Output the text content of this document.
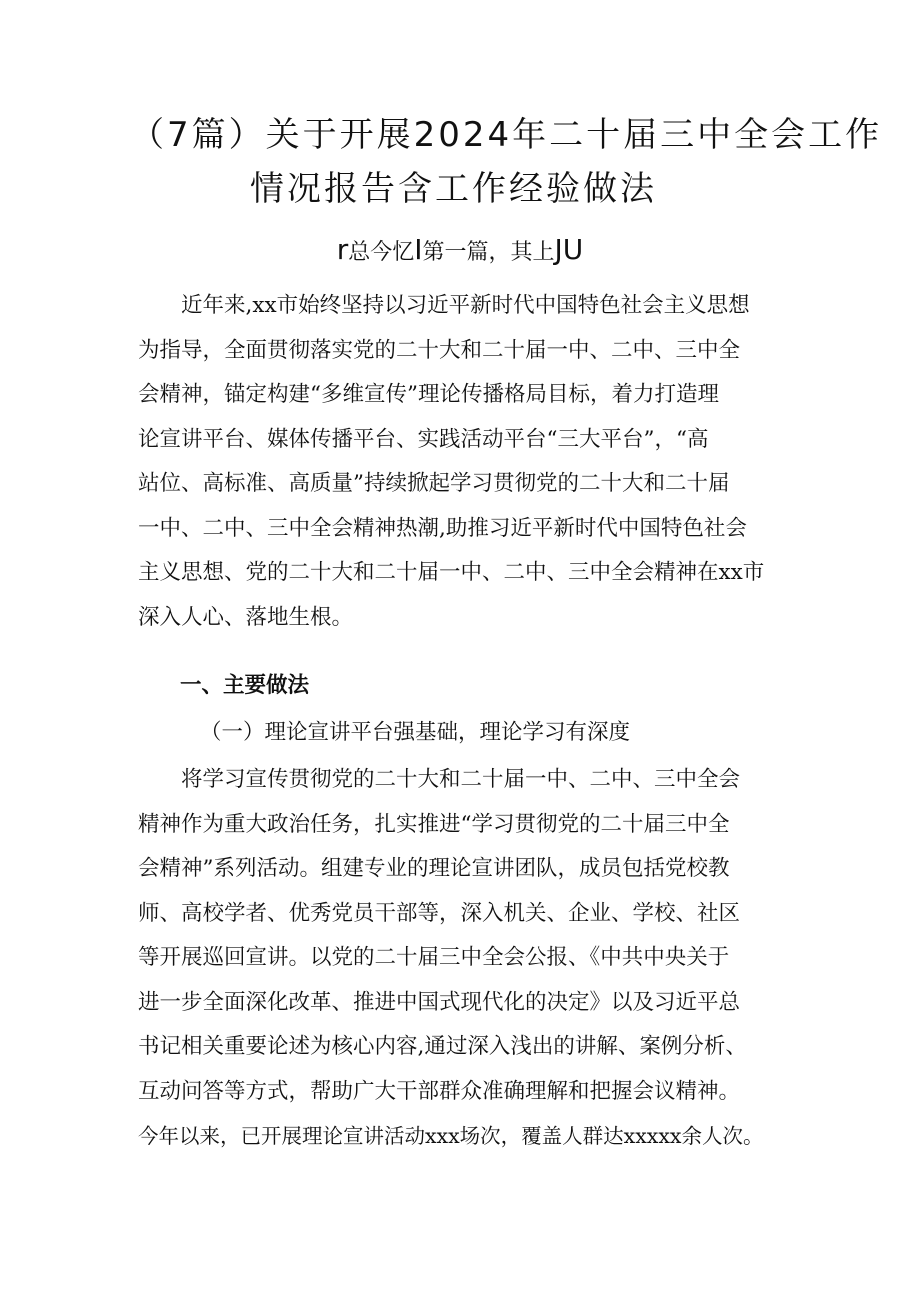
（7篇）关于开展2024年二十届三中全会工作
情况报告含工作经验做法
r总今忆I第一篇，其上JU
近年来,xx市始终坚持以习近平新时代中国特色社会主义思想
为指导，全面贯彻落实党的二十大和二十届一中、二中、三中全
会精神，锚定构建“多维宣传”理论传播格局目标，着力打造理
论宣讲平台、媒体传播平台、实践活动平台“三大平台”，“高
站位、高标准、高质量”持续掀起学习贯彻党的二十大和二十届
一中、二中、三中全会精神热潮,助推习近平新时代中国特色社会
主义思想、党的二十大和二十届一中、二中、三中全会精神在xx市
深入人心、落地生根。
一、主要做法
（一）理论宣讲平台强基础，理论学习有深度
将学习宣传贯彻党的二十大和二十届一中、二中、三中全会
精神作为重大政治任务，扎实推进“学习贯彻党的二十届三中全
会精神”系列活动。组建专业的理论宣讲团队，成员包括党校教
师、高校学者、优秀党员干部等，深入机关、企业、学校、社区
等开展巡回宣讲。以党的二十届三中全会公报、《中共中央关于
进一步全面深化改革、推进中国式现代化的决定》以及习近平总
书记相关重要论述为核心内容,通过深入浅出的讲解、案例分析、
互动问答等方式，帮助广大干部群众准确理解和把握会议精神。
今年以来，已开展理论宣讲活动xxx场次，覆盖人群达xxxxx余人次。
